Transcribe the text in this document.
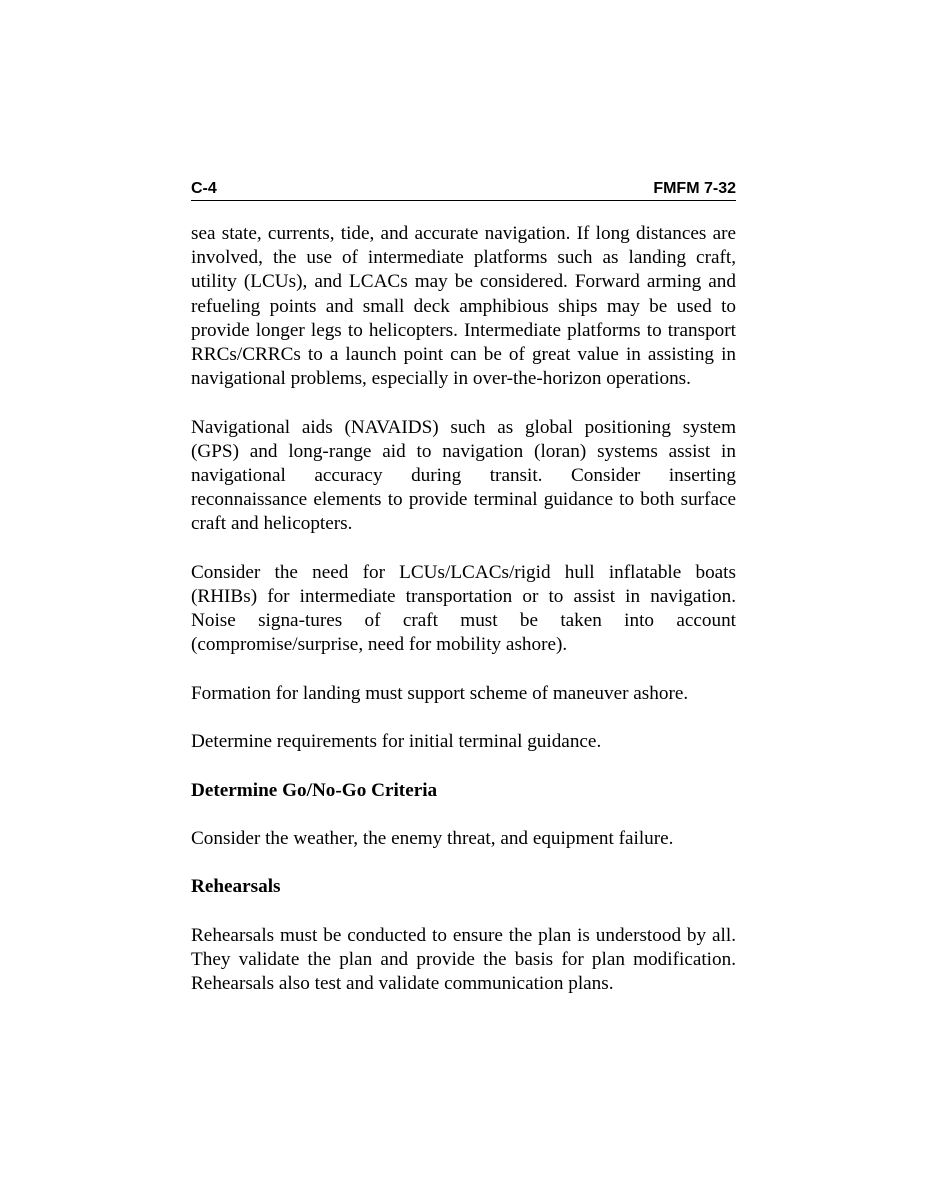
C-4	FMFM 7-32

sea state, currents, tide, and accurate navigation. If long distances are involved, the use of intermediate platforms such as landing craft, utility (LCUs), and LCACs may be considered. Forward arming and refueling points and small deck amphibious ships may be used to provide longer legs to helicopters. Intermediate platforms to transport RRCs/CRRCs to a launch point can be of great value in assisting in navigational problems, especially in over-the-horizon operations.

Navigational aids (NAVAIDS) such as global positioning system (GPS) and long-range aid to navigation (loran) systems assist in navigational accuracy during transit. Consider inserting reconnaissance elements to provide terminal guidance to both surface craft and helicopters.

Consider the need for LCUs/LCACs/rigid hull inflatable boats (RHIBs) for intermediate transportation or to assist in navigation. Noise signa-tures of craft must be taken into account (compromise/surprise, need for mobility ashore).

Formation for landing must support scheme of maneuver ashore.

Determine requirements for initial terminal guidance.

Determine Go/No-Go Criteria

Consider the weather, the enemy threat, and equipment failure.

Rehearsals

Rehearsals must be conducted to ensure the plan is understood by all. They validate the plan and provide the basis for plan modification. Rehearsals also test and validate communication plans.
